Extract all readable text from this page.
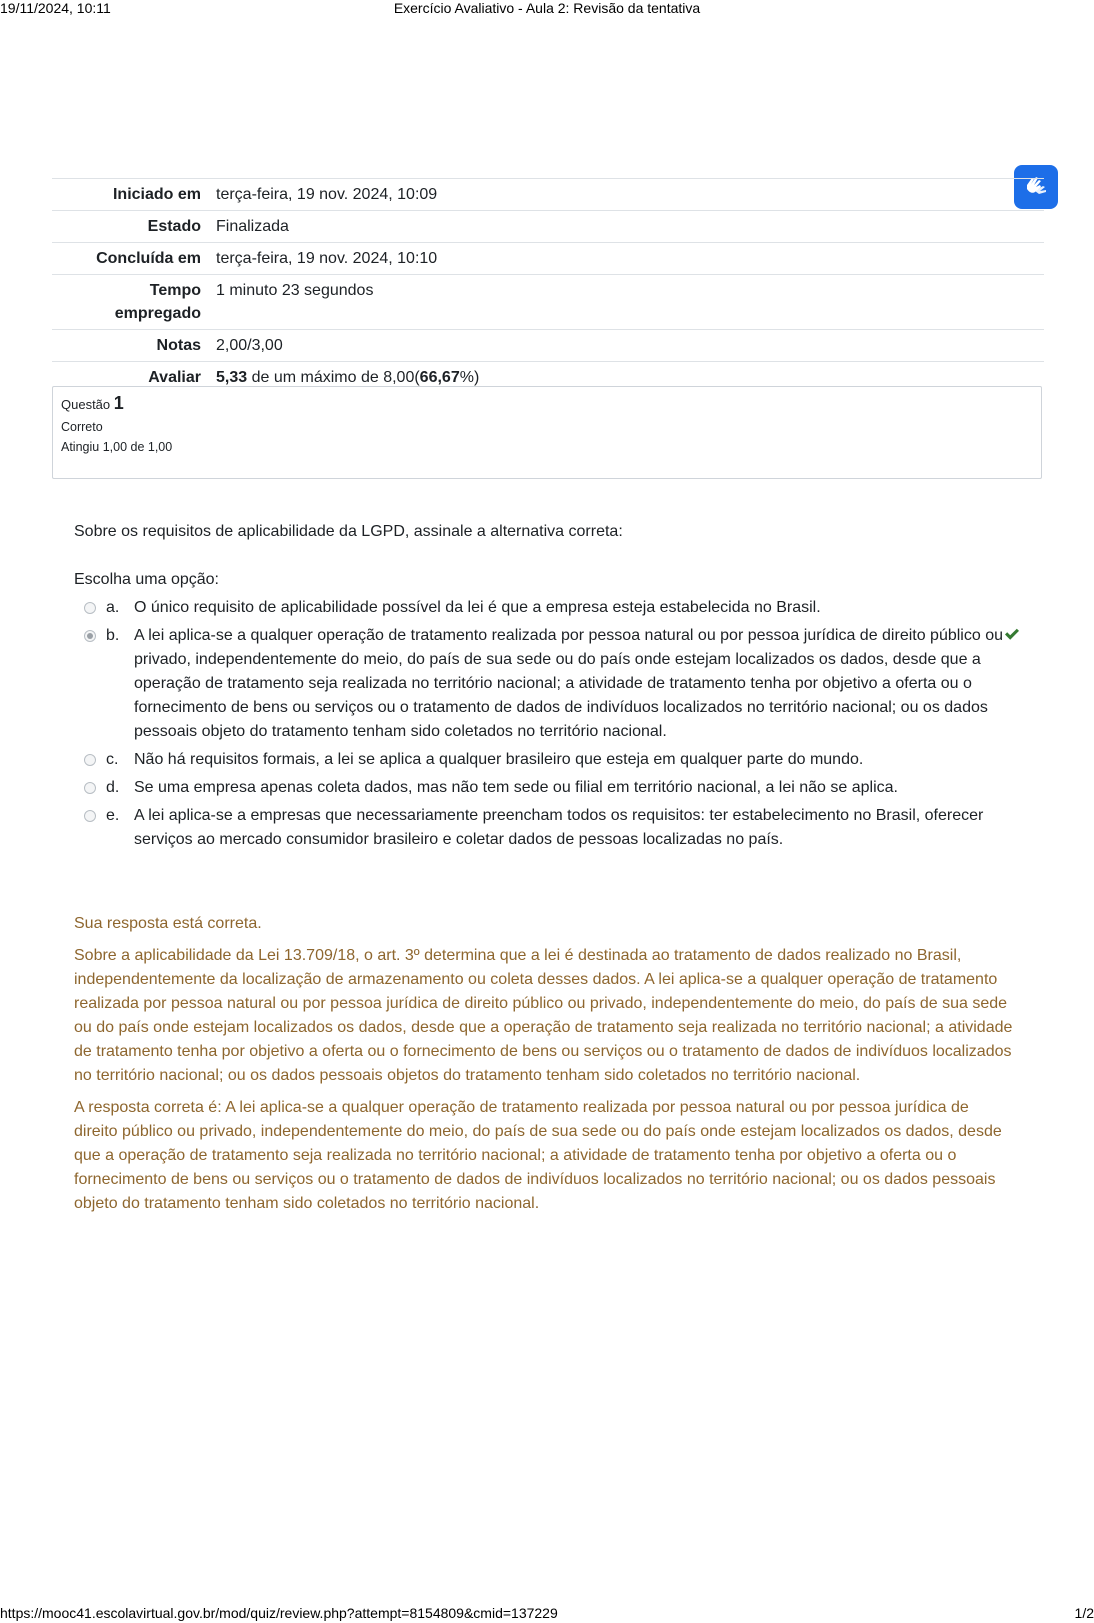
19/11/2024, 10:11	Exercício Avaliativo - Aula 2: Revisão da tentativa
Iniciado em	terça-feira, 19 nov. 2024, 10:09
Estado	Finalizada
Concluída em	terça-feira, 19 nov. 2024, 10:10
Tempo
empregado	1 minuto 23 segundos
Notas	2,00/3,00
Avaliar	5,33 de um máximo de 8,00(66,67%)
Questão 1
Correto
Atingiu 1,00 de 1,00
Sobre os requisitos de aplicabilidade da LGPD, assinale a alternativa correta:
Escolha uma opção:
a. O único requisito de aplicabilidade possível da lei é que a empresa esteja estabelecida no Brasil.
b. A lei aplica-se a qualquer operação de tratamento realizada por pessoa natural ou por pessoa jurídica de direito público ou privado, independentemente do meio, do país de sua sede ou do país onde estejam localizados os dados, desde que a operação de tratamento seja realizada no território nacional; a atividade de tratamento tenha por objetivo a oferta ou o fornecimento de bens ou serviços ou o tratamento de dados de indivíduos localizados no território nacional; ou os dados pessoais objeto do tratamento tenham sido coletados no território nacional.
c. Não há requisitos formais, a lei se aplica a qualquer brasileiro que esteja em qualquer parte do mundo.
d. Se uma empresa apenas coleta dados, mas não tem sede ou filial em território nacional, a lei não se aplica.
e. A lei aplica-se a empresas que necessariamente preencham todos os requisitos: ter estabelecimento no Brasil, oferecer serviços ao mercado consumidor brasileiro e coletar dados de pessoas localizadas no país.

Sua resposta está correta.

Sobre a aplicabilidade da Lei 13.709/18, o art. 3º determina que a lei é destinada ao tratamento de dados realizado no Brasil, independentemente da localização de armazenamento ou coleta desses dados. A lei aplica-se a qualquer operação de tratamento realizada por pessoa natural ou por pessoa jurídica de direito público ou privado, independentemente do meio, do país de sua sede ou do país onde estejam localizados os dados, desde que a operação de tratamento seja realizada no território nacional; a atividade de tratamento tenha por objetivo a oferta ou o fornecimento de bens ou serviços ou o tratamento de dados de indivíduos localizados no território nacional; ou os dados pessoais objetos do tratamento tenham sido coletados no território nacional.

A resposta correta é: A lei aplica-se a qualquer operação de tratamento realizada por pessoa natural ou por pessoa jurídica de direito público ou privado, independentemente do meio, do país de sua sede ou do país onde estejam localizados os dados, desde que a operação de tratamento seja realizada no território nacional; a atividade de tratamento tenha por objetivo a oferta ou o fornecimento de bens ou serviços ou o tratamento de dados de indivíduos localizados no território nacional; ou os dados pessoais objeto do tratamento tenham sido coletados no território nacional.

https://mooc41.escolavirtual.gov.br/mod/quiz/review.php?attempt=8154809&cmid=137229	1/2
